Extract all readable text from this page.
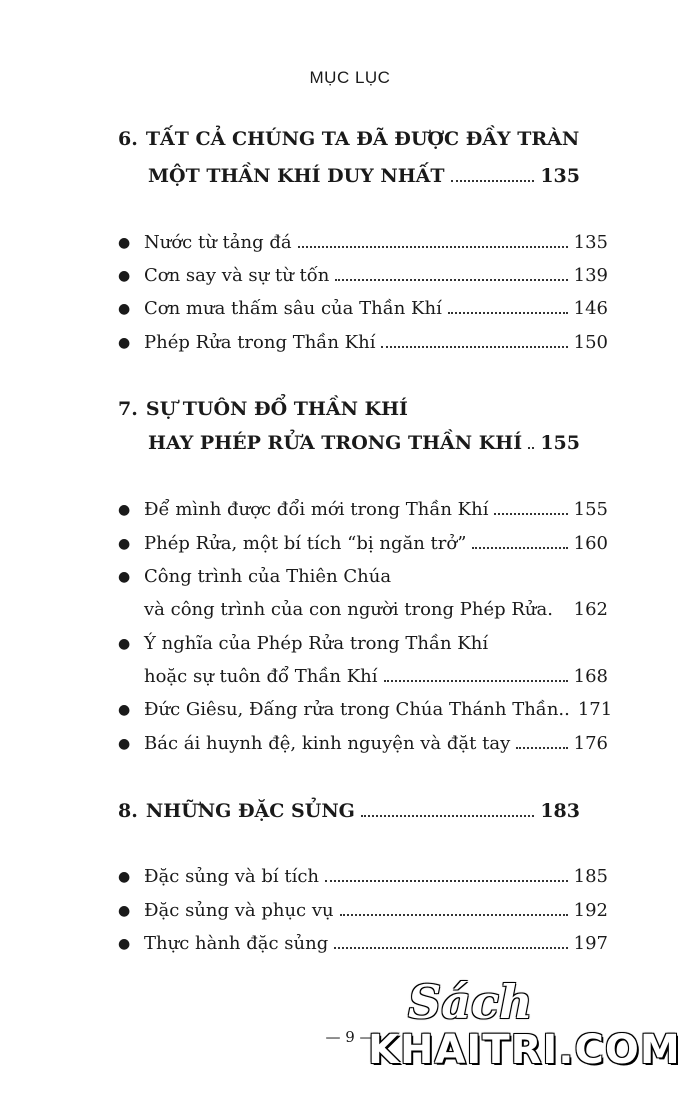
MỤC LỤC
6. TẤT CẢ CHÚNG TA ĐÃ ĐƯỢC ĐẦY TRÀN
MỘT THẦN KHÍ DUY NHẤT	135
● Nước từ tảng đá	135
● Cơn say và sự từ tốn	139
● Cơn mưa thấm sâu của Thần Khí	146
● Phép Rửa trong Thần Khí	150
7. SỰ TUÔN ĐỔ THẦN KHÍ
HAY PHÉP RỬA TRONG THẦN KHÍ 155
● Để mình được đổi mới trong Thần Khí	155
● Phép Rửa, một bí tích “bị ngăn trở”	160
● Công trình của Thiên Chúa
và công trình của con người trong Phép Rửa. 162
● Ý nghĩa của Phép Rửa trong Thần Khí
hoặc sự tuôn đổ Thần Khí	168
● Đức Giêsu, Đấng rửa trong Chúa Thánh Thần.. 171
● Bác ái huynh đệ, kinh nguyện và đặt tay	176
8. NHỮNG ĐẶC SỦNG	183
● Đặc sủng và bí tích	185
● Đặc sủng và phục vụ	192
● Thực hành đặc sủng	197
— 9 —
Sách
KHAITRI.COM
